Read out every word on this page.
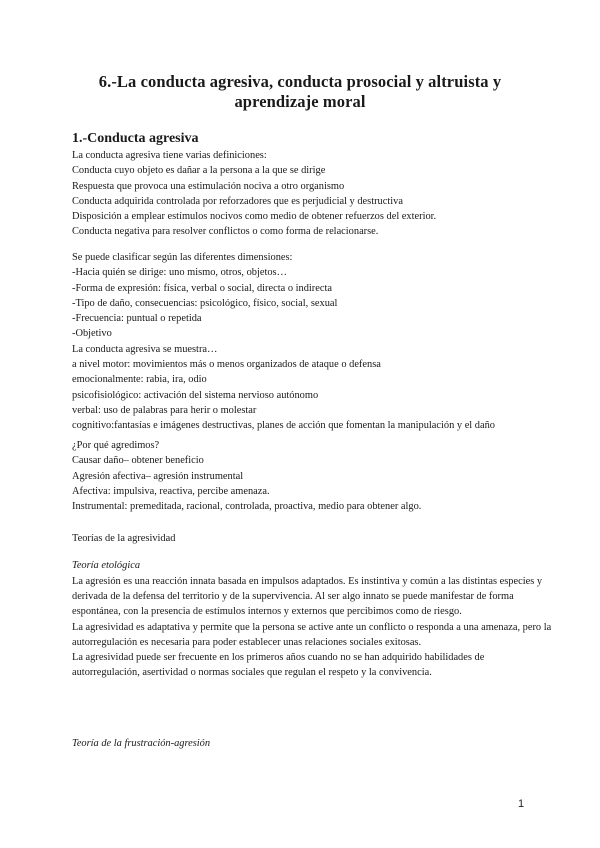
6.-La conducta agresiva, conducta prosocial y altruista y aprendizaje moral
1.-Conducta agresiva
La conducta agresiva tiene varias definiciones:
Conducta cuyo objeto es dañar a la persona a la que se dirige
Respuesta que provoca una estimulación nociva a otro organismo
Conducta adquirida controlada por reforzadores que es perjudicial y destructiva
Disposición a emplear estímulos nocivos como medio de obtener refuerzos del exterior.
Conducta negativa para resolver conflictos o como forma de relacionarse.
Se puede clasificar según las diferentes dimensiones:
-Hacia quién se dirige: uno mismo, otros, objetos…
-Forma de expresión: física, verbal o social, directa o indirecta
-Tipo de daño, consecuencias: psicológico, físico, social, sexual
-Frecuencia: puntual o repetida
-Objetivo
La conducta agresiva se muestra…
a nivel motor: movimientos más o menos organizados de ataque o defensa
emocionalmente: rabia, ira, odio
psicofisiológico: activación del sistema nervioso autónomo
verbal: uso de palabras para herir o molestar
cognitivo:fantasías e imágenes destructivas, planes de acción que fomentan la manipulación y el daño
¿Por qué agredimos?
Causar daño– obtener beneficio
Agresión afectiva– agresión instrumental
Afectiva: impulsiva, reactiva, percibe amenaza.
Instrumental: premeditada, racional, controlada, proactiva, medio para obtener algo.
Teorías de la agresividad
Teoría etológica
La agresión es una reacción innata basada en impulsos adaptados. Es instintiva y común a las distintas especies y derivada de la defensa del territorio y de la supervivencia. Al ser algo innato se puede manifestar de forma espontánea, con la presencia de estímulos internos y externos que percibimos como de riesgo.
La agresividad es adaptativa y permite que la persona se active ante un conflicto o responda a una amenaza, pero la autorregulación es necesaria para poder establecer unas relaciones sociales exitosas.
La agresividad puede ser frecuente en los primeros años cuando no se han adquirido habilidades de autorregulación, asertividad o normas sociales que regulan el respeto y la convivencia.
Teoría de la frustración-agresión
1
